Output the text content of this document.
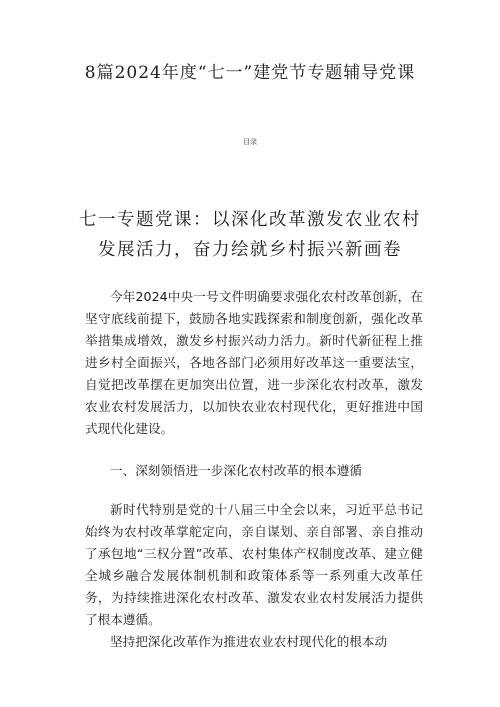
8篇2024年度“七一”建党节专题辅导党课

目录

七一专题党课：以深化改革激发农业农村发展活力，奋力绘就乡村振兴新画卷

今年2024中央一号文件明确要求强化农村改革创新，在坚守底线前提下，鼓励各地实践探索和制度创新，强化改革举措集成增效，激发乡村振兴动力活力。新时代新征程上推进乡村全面振兴，各地各部门必须用好改革这一重要法宝，自觉把改革摆在更加突出位置，进一步深化农村改革，激发农业农村发展活力，以加快农业农村现代化，更好推进中国式现代化建设。

一、深刻领悟进一步深化农村改革的根本遵循

新时代特别是党的十八届三中全会以来，习近平总书记始终为农村改革掌舵定向，亲自谋划、亲自部署、亲自推动了承包地“三权分置”改革、农村集体产权制度改革、建立健全城乡融合发展体制机制和政策体系等一系列重大改革任务，为持续推进深化农村改革、激发农业农村发展活力提供了根本遵循。

坚持把深化改革作为推进农业农村现代化的根本动
